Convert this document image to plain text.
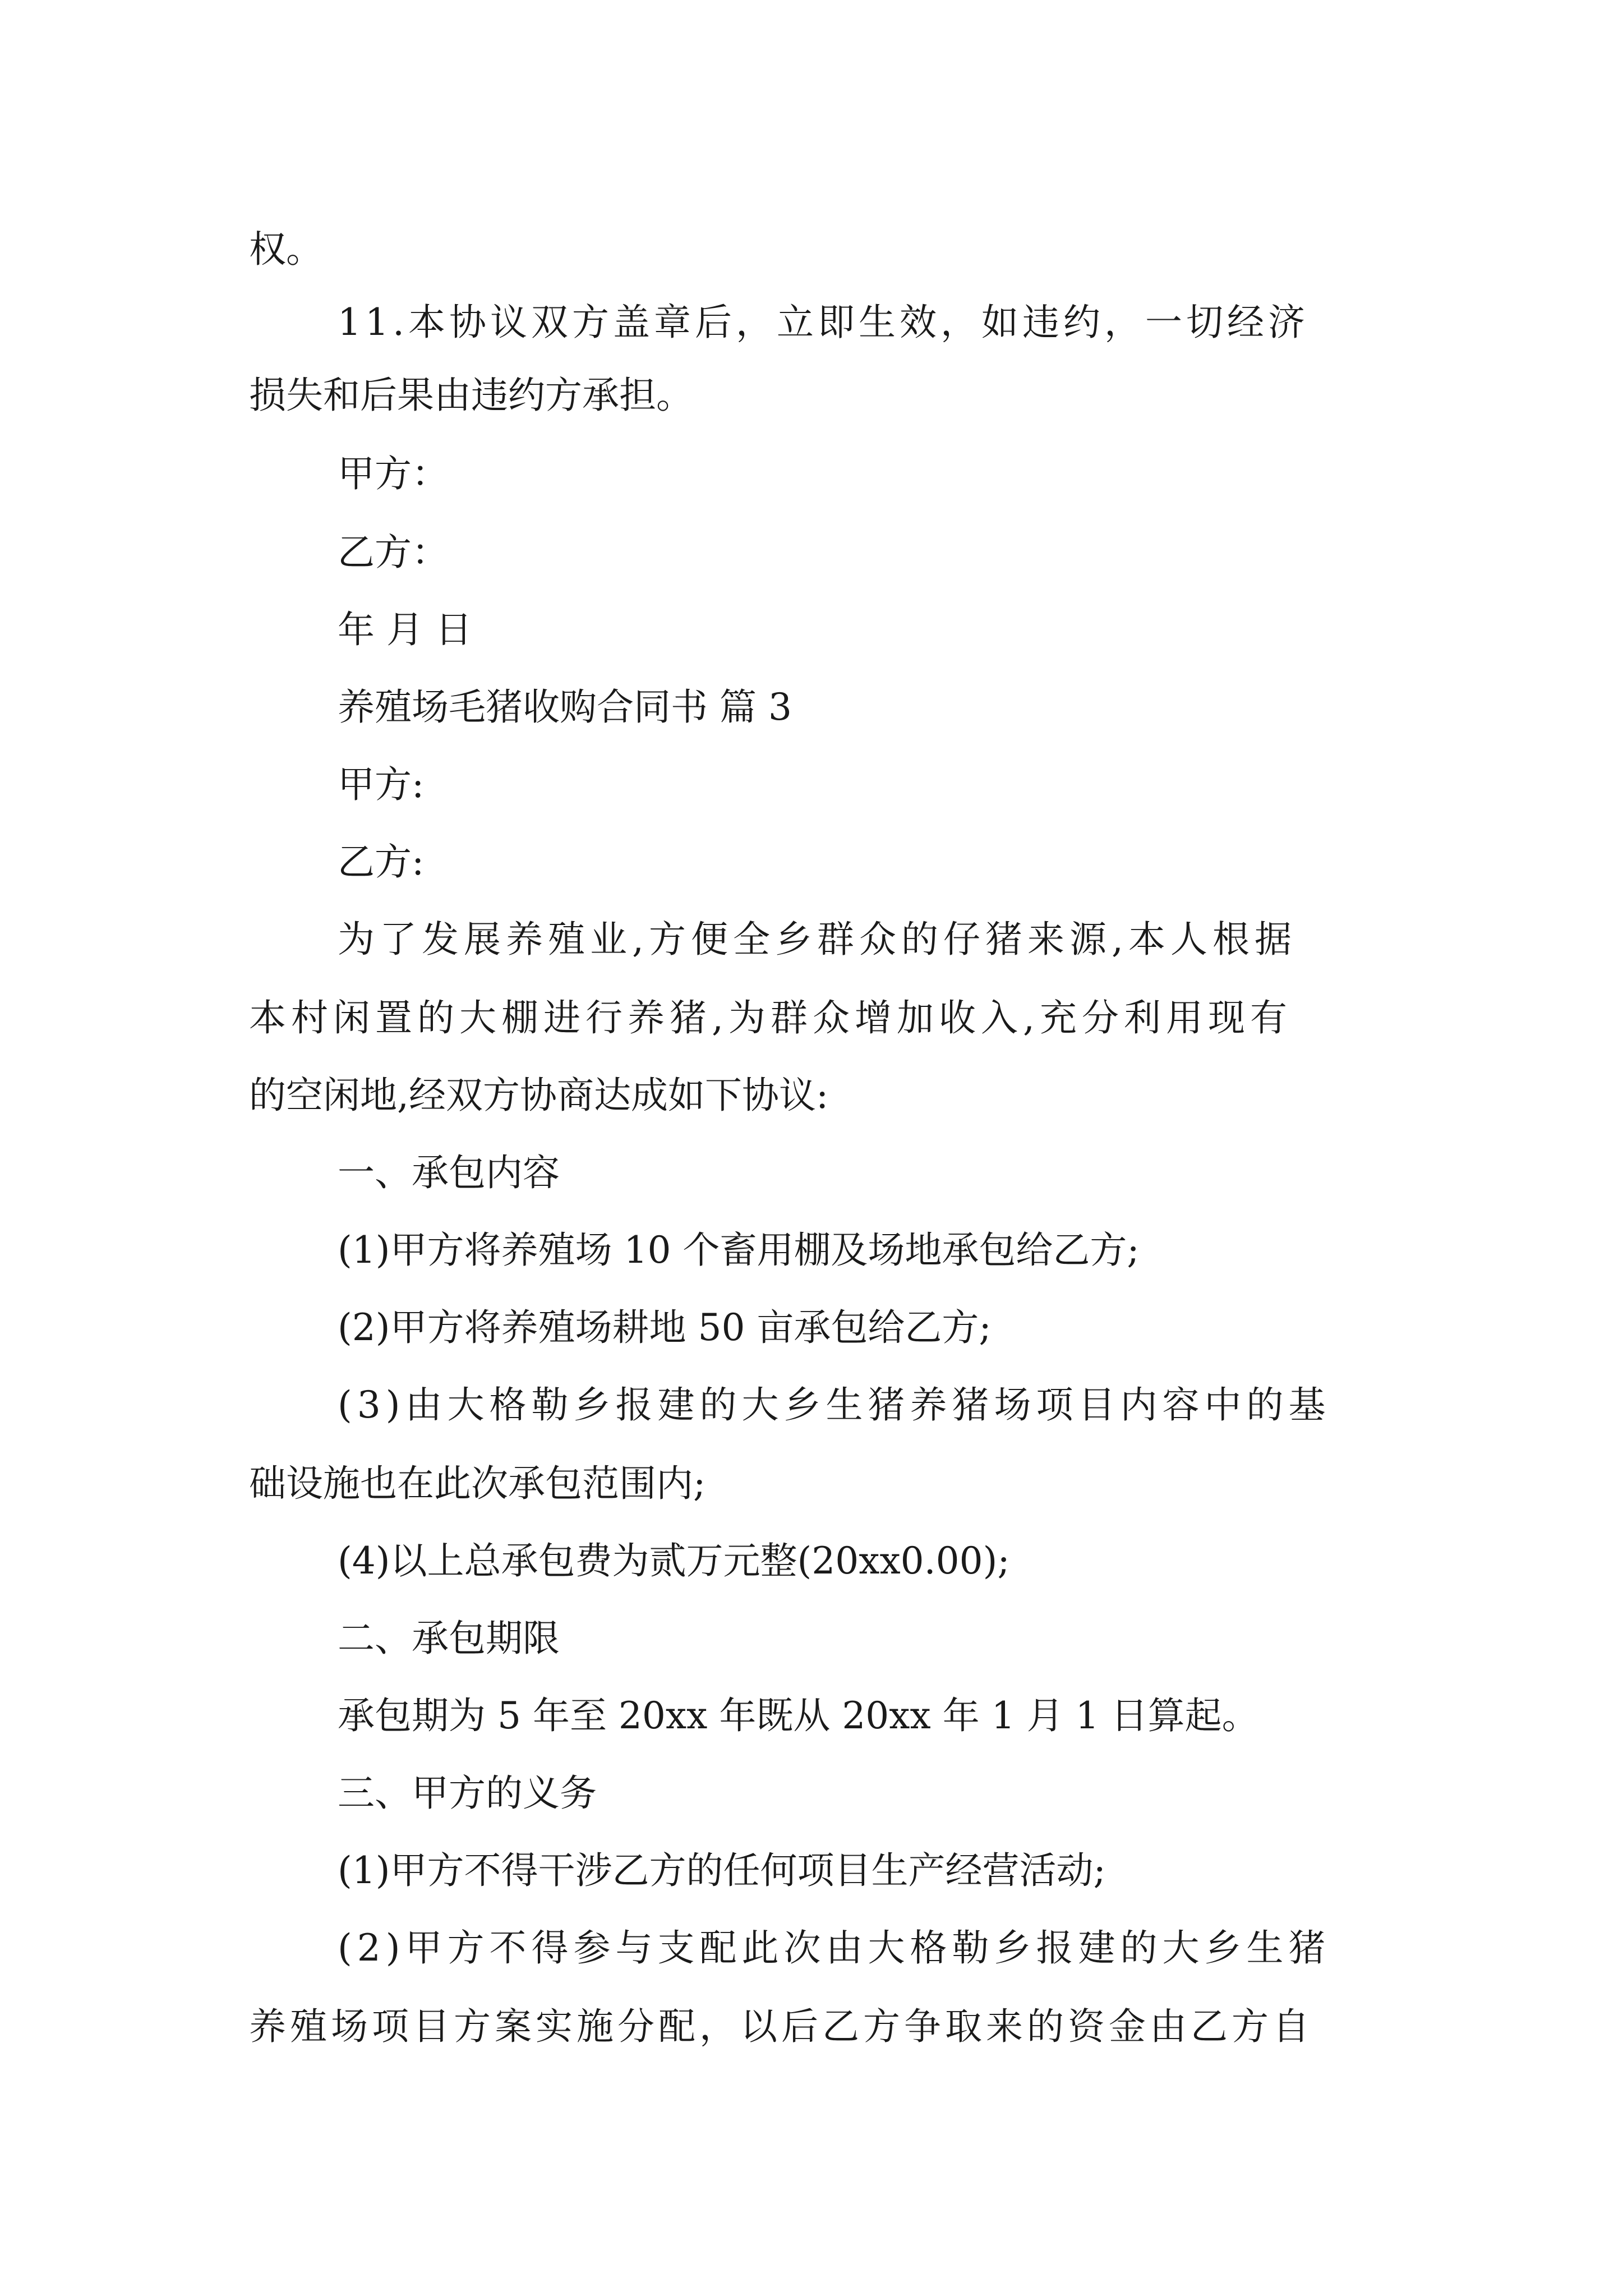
权。

11.本协议双方盖章后，立即生效，如违约，一切经济

损失和后果由违约方承担。

甲方：

乙方：

年 月 日

养殖场毛猪收购合同书 篇 3

甲方:

乙方:

为了发展养殖业,方便全乡群众的仔猪来源,本人根据

本村闲置的大棚进行养猪,为群众增加收入,充分利用现有

的空闲地,经双方协商达成如下协议:

一、承包内容

(1)甲方将养殖场 10 个畜用棚及场地承包给乙方;

(2)甲方将养殖场耕地 50 亩承包给乙方;

(3)由大格勒乡报建的大乡生猪养猪场项目内容中的基

础设施也在此次承包范围内;

(4)以上总承包费为贰万元整(20xx0.00);

二、承包期限

承包期为 5 年至 20xx 年既从 20xx 年 1 月 1 日算起。

三、甲方的义务

(1)甲方不得干涉乙方的任何项目生产经营活动;

(2)甲方不得参与支配此次由大格勒乡报建的大乡生猪

养殖场项目方案实施分配，以后乙方争取来的资金由乙方自
